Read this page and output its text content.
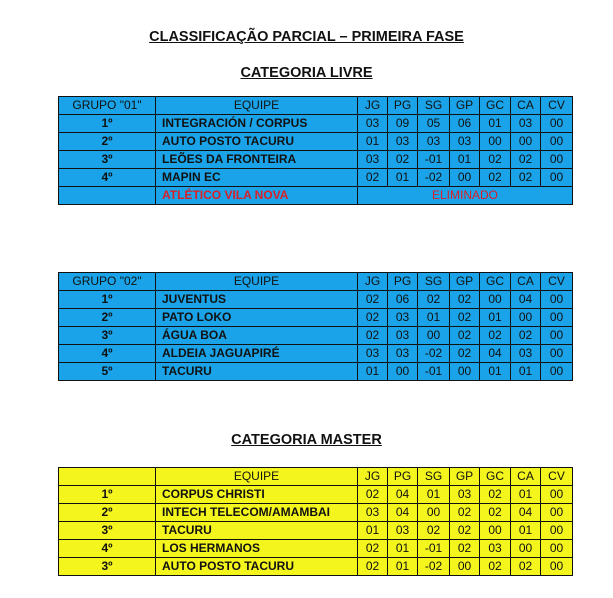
CLASSIFICAÇÃO PARCIAL – PRIMEIRA FASE
CATEGORIA LIVRE
GRUPO "01"	EQUIPE	JG	PG	SG	GP	GC	CA	CV
1º	INTEGRACIÓN / CORPUS	03	09	05	06	01	03	00
2º	AUTO POSTO TACURU	01	03	03	03	00	00	00
3º	LEÕES DA FRONTEIRA	03	02	-01	01	02	02	00
4º	MAPIN EC	02	01	-02	00	02	02	00
	ATLÉTICO VILA NOVA	ELIMINADO						
GRUPO "02"	EQUIPE	JG	PG	SG	GP	GC	CA	CV
1º	JUVENTUS	02	06	02	02	00	04	00
2º	PATO LOKO	02	03	01	02	01	00	00
3º	ÁGUA BOA	02	03	00	02	02	02	00
4º	ALDEIA JAGUAPIRÉ	03	03	-02	02	04	03	00
5º	TACURU	01	00	-01	00	01	01	00
CATEGORIA MASTER
	EQUIPE	JG	PG	SG	GP	GC	CA	CV
1º	CORPUS CHRISTI	02	04	01	03	02	01	00
2º	INTECH TELECOM/AMAMBAI	03	04	00	02	02	04	00
3º	TACURU	01	03	02	02	00	01	00
4º	LOS HERMANOS	02	01	-01	02	03	00	00
3º	AUTO POSTO TACURU	02	01	-02	00	02	02	00
